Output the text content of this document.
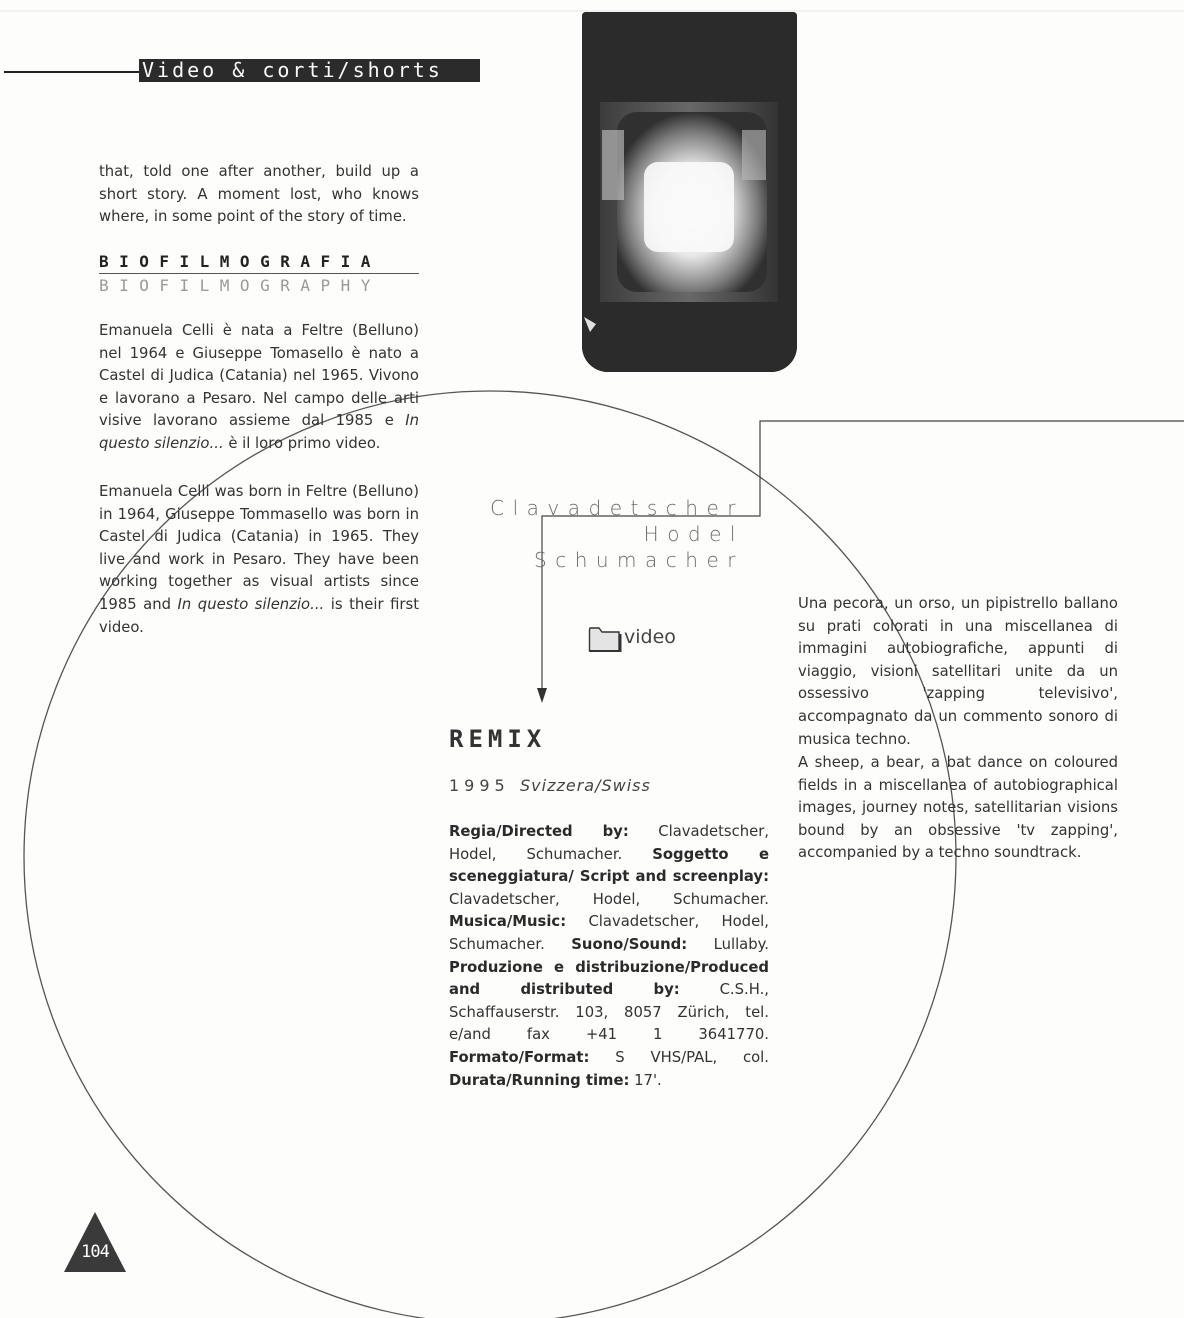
Video & corti/shorts
that, told one after another, build up a short story. A moment lost, who knows where, in some point of the story of time.
BIOFILMOGRAFIA
BIOFILMOGRAPHY
Emanuela Celli è nata a Feltre (Belluno) nel 1964 e Giuseppe Tomasello è nato a Castel di Judica (Catania) nel 1965. Vivono e lavorano a Pesaro. Nel campo delle arti visive lavorano assieme dal 1985 e In questo silenzio... è il loro primo video.
Emanuela Celli was born in Feltre (Belluno) in 1964, Giuseppe Tommasello was born in Castel di Judica (Catania) in 1965. They live and work in Pesaro. They have been working together as visual artists since 1985 and In questo silenzio... is their first video.
Clavadetscher
Hodel
Schumacher
video
REMIX
1995 Svizzera/Swiss
Regia/Directed by: Clavadetscher, Hodel, Schumacher. Soggetto e sceneggiatura/ Script and screenplay: Clavadetscher, Hodel, Schumacher. Musica/Music: Clavadetscher, Hodel, Schumacher. Suono/Sound: Lullaby. Produzione e distribuzione/Produced and distributed by: C.S.H., Schaffauserstr. 103, 8057 Zürich, tel. e/and fax +41 1 3641770. Formato/Format: S VHS/PAL, col. Durata/Running time: 17'.
Una pecora, un orso, un pipistrello ballano su prati colorati in una miscellanea di immagini autobiografiche, appunti di viaggio, visioni satellitari unite da un ossessivo 'zapping televisivo', accompagnato da un commento sonoro di musica techno.
A sheep, a bear, a bat dance on coloured fields in a miscellanea of autobiographical images, journey notes, satellitarian visions bound by an obsessive 'tv zapping', accompanied by a techno soundtrack.
104
